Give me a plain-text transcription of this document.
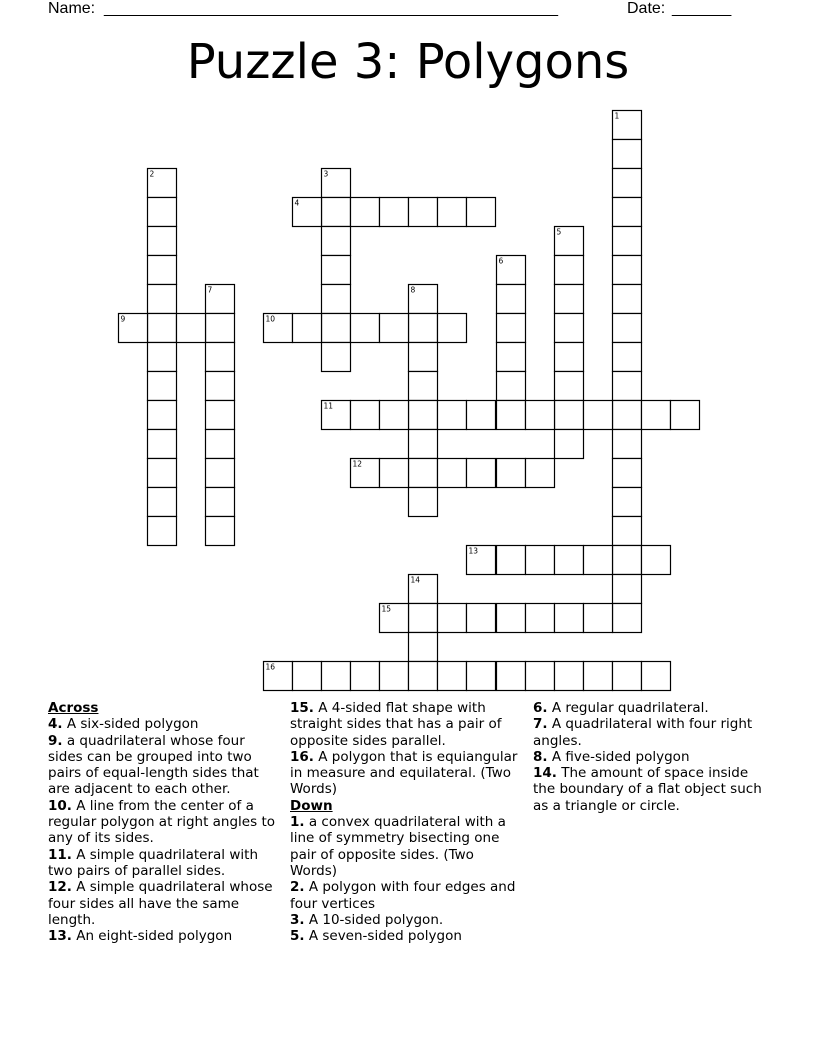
Name: ______________________________________________________	Date: _______
Puzzle 3: Polygons
1
2	3
4
5
6
7	8
9	10
11
12
13
14
15
16
Across
4. A six-sided polygon
9. a quadrilateral whose four sides can be grouped into two pairs of equal-length sides that are adjacent to each other.
10. A line from the center of a regular polygon at right angles to any of its sides.
11. A simple quadrilateral with two pairs of parallel sides.
12. A simple quadrilateral whose four sides all have the same length.
13. An eight-sided polygon
15. A 4-sided flat shape with straight sides that has a pair of opposite sides parallel.
16. A polygon that is equiangular in measure and equilateral. (Two Words)
Down
1. a convex quadrilateral with a line of symmetry bisecting one pair of opposite sides. (Two Words)
2. A polygon with four edges and four vertices
3. A 10-sided polygon.
5. A seven-sided polygon
6. A regular quadrilateral.
7. A quadrilateral with four right angles.
8. A five-sided polygon
14. The amount of space inside the boundary of a flat object such as a triangle or circle.
